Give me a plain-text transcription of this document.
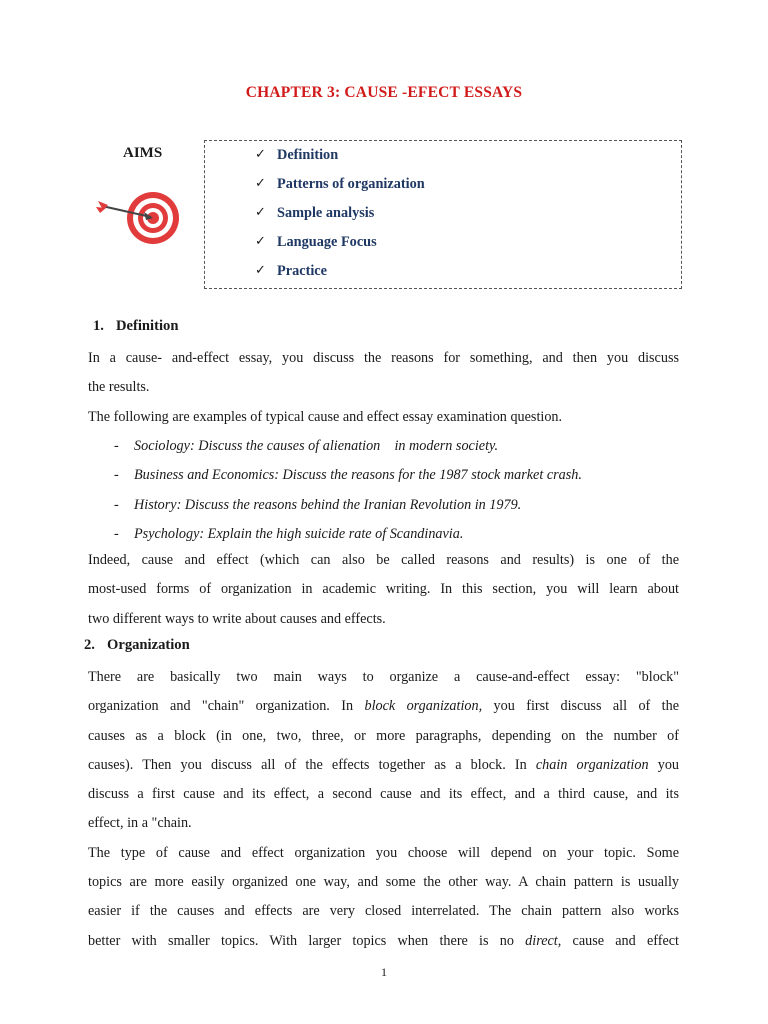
CHAPTER 3: CAUSE -EFECT ESSAYS
AIMS	✓ Definition
✓ Patterns of organization
✓ Sample analysis
✓ Language Focus
✓ Practice
1. Definition
In a cause- and-effect essay, you discuss the reasons for something, and then you discuss
the results.
The following are examples of typical cause and effect essay examination question.
- Sociology: Discuss the causes of alienation    in modern society.
- Business and Economics: Discuss the reasons for the 1987 stock market crash.
- History: Discuss the reasons behind the Iranian Revolution in 1979.
- Psychology: Explain the high suicide rate of Scandinavia.
Indeed, cause and effect (which can also be called reasons and results) is one of the
most-used forms of organization in academic writing. In this section, you will learn about
two different ways to write about causes and effects.
2. Organization
There are basically two main ways to organize a cause-and-effect essay: "block"
organization and "chain" organization. In block organization, you first discuss all of the
causes as a block (in one, two, three, or more paragraphs, depending on the number of
causes). Then you discuss all of the effects together as a block. In chain organization you
discuss a first cause and its effect, a second cause and its effect, and a third cause, and its
effect, in a "chain.
The type of cause and effect organization you choose will depend on your topic. Some
topics are more easily organized one way, and some the other way. A chain pattern is usually
easier if the causes and effects are very closed interrelated. The chain pattern also works
better with smaller topics. With larger topics when there is no direct, cause and effect
1
